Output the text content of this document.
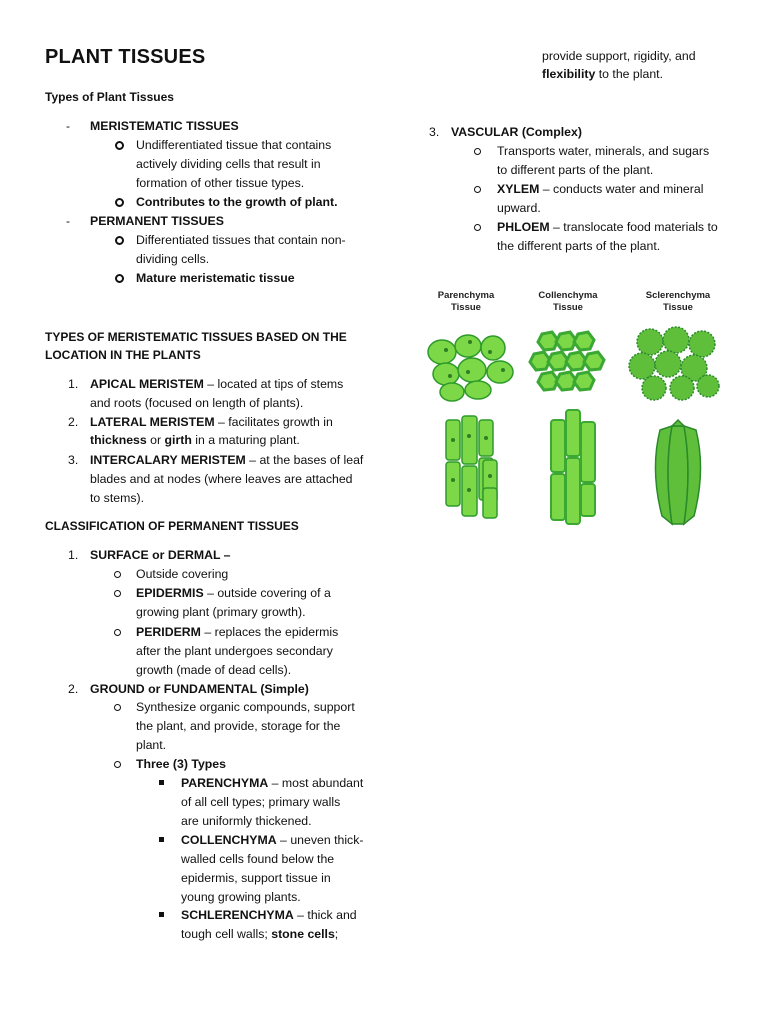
PLANT TISSUES
Types of Plant Tissues
- MERISTEMATIC TISSUES
Undifferentiated tissue that contains
actively dividing cells that result in
formation of other tissue types.
Contributes to the growth of plant.
- PERMANENT TISSUES
Differentiated tissues that contain non-
dividing cells.
Mature meristematic tissue
TYPES OF MERISTEMATIC TISSUES BASED ON THE
LOCATION IN THE PLANTS
1. APICAL MERISTEM – located at tips of stems
and roots (focused on length of plants).
2. LATERAL MERISTEM – facilitates growth in
thickness or girth in a maturing plant.
3. INTERCALARY MERISTEM – at the bases of leaf
blades and at nodes (where leaves are attached
to stems).
CLASSIFICATION OF PERMANENT TISSUES
1. SURFACE or DERMAL –
Outside covering
EPIDERMIS – outside covering of a
growing plant (primary growth).
PERIDERM – replaces the epidermis
after the plant undergoes secondary
growth (made of dead cells).
2. GROUND or FUNDAMENTAL (Simple)
Synthesize organic compounds, support
the plant, and provide, storage for the
plant.
Three (3) Types
PARENCHYMA – most abundant
of all cell types; primary walls
are uniformly thickened.
COLLENCHYMA – uneven thick-
walled cells found below the
epidermis, support tissue in
young growing plants.
SCHLERENCHYMA – thick and
tough cell walls; stone cells;
provide support, rigidity, and
flexibility to the plant.
3. VASCULAR (Complex)
Transports water, minerals, and sugars
to different parts of the plant.
XYLEM – conducts water and mineral
upward.
PHLOEM – translocate food materials to
the different parts of the plant.
Parenchyma
Tissue
Collenchyma
Tissue
Sclerenchyma
Tissue
